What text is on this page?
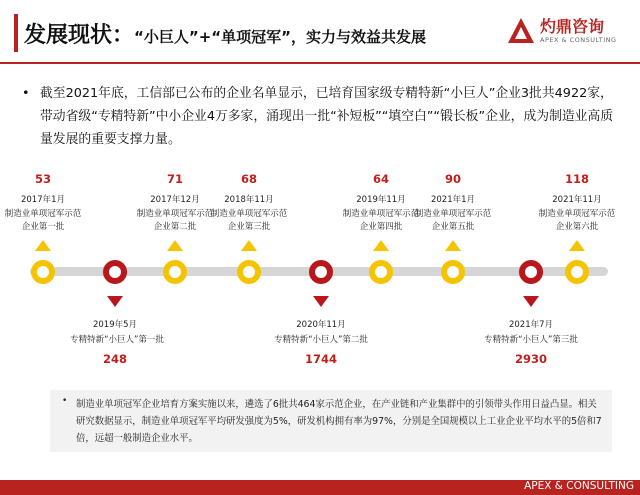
发展现状：“小巨人”+“单项冠军”，实力与效益共发展
灼鼎咨询
APEX & CONSULTING
• 截至2021年底，工信部已公布的企业名单显示，已培育国家级专精特新“小巨人”企业3批共4922家，带动省级“专精特新”中小企业4万多家，涌现出一批“补短板”“填空白”“锻长板”企业，成为制造业高质量发展的重要支撑力量。
53
2017年1月
制造业单项冠军示范企业第一批
71
2017年12月
制造业单项冠军示范企业第二批
68
2018年11月
制造业单项冠军示范企业第三批
64
2019年11月
制造业单项冠军示范企业第四批
90
2021年1月
制造业单项冠军示范企业第五批
118
2021年11月
制造业单项冠军示范企业第六批
2019年5月
专精特新“小巨人”第一批
248
2020年11月
专精特新“小巨人”第二批
1744
2021年7月
专精特新“小巨人”第三批
2930
• 制造业单项冠军企业培育方案实施以来，遴选了6批共464家示范企业，在产业链和产业集群中的引领带头作用日益凸显。相关研究数据显示，制造业单项冠军平均研发强度为5%，研发机构拥有率为97%，分别是全国规模以上工业企业平均水平的5倍和7倍，远超一般制造企业水平。
APEX & CONSULTING
